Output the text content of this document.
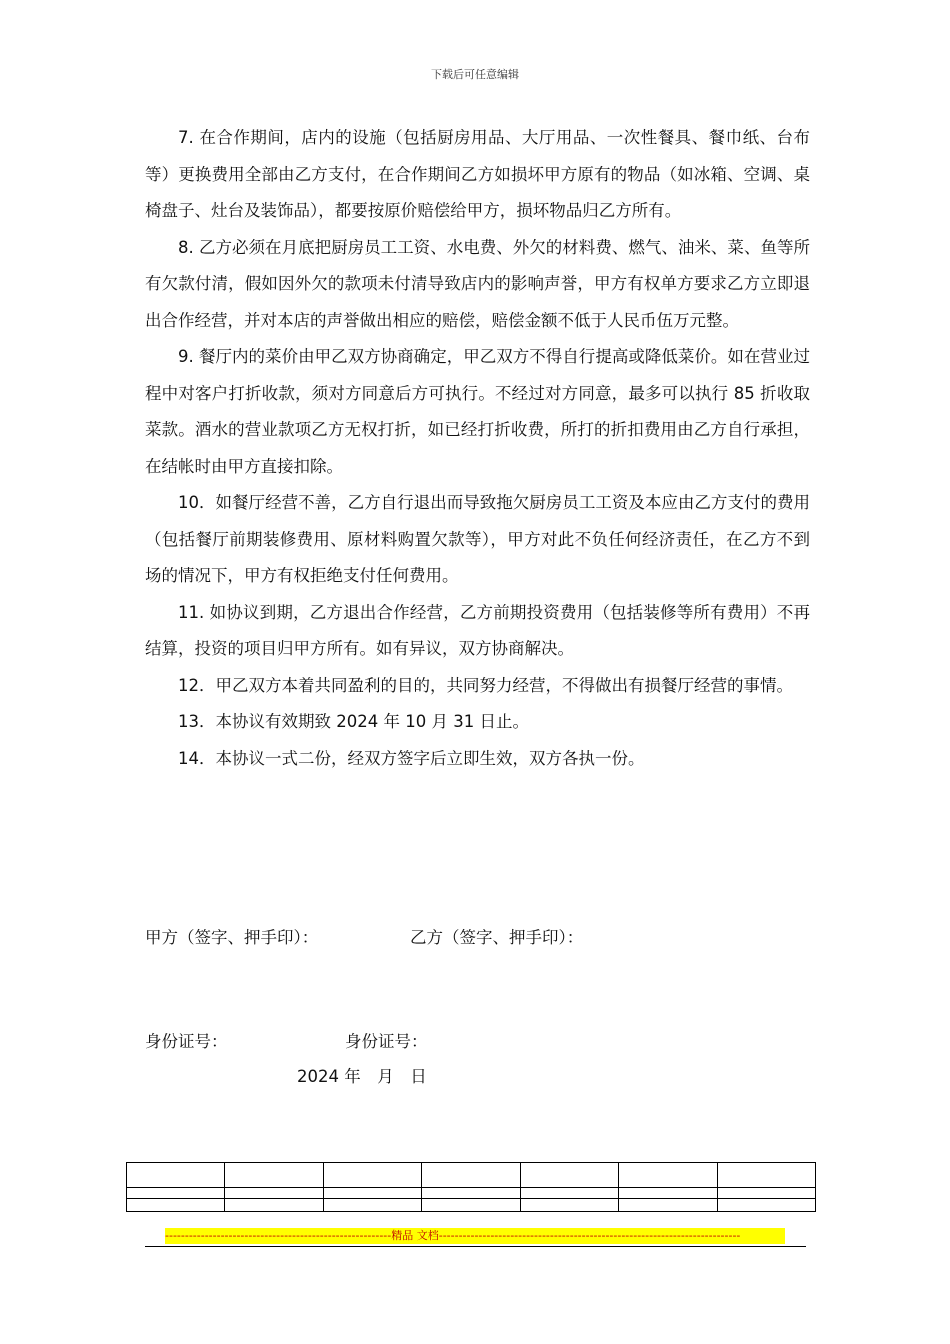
下载后可任意编辑

7. 在合作期间，店内的设施（包括厨房用品、大厅用品、一次性餐具、餐巾纸、台布等）更换费用全部由乙方支付，在合作期间乙方如损坏甲方原有的物品（如冰箱、空调、桌椅盘子、灶台及装饰品），都要按原价赔偿给甲方，损坏物品归乙方所有。

8. 乙方必须在月底把厨房员工工资、水电费、外欠的材料费、燃气、油米、菜、鱼等所有欠款付清，假如因外欠的款项未付清导致店内的影响声誉，甲方有权单方要求乙方立即退出合作经营，并对本店的声誉做出相应的赔偿，赔偿金额不低于人民币伍万元整。

9. 餐厅内的菜价由甲乙双方协商确定，甲乙双方不得自行提高或降低菜价。如在营业过程中对客户打折收款，须对方同意后方可执行。不经过对方同意，最多可以执行 85 折收取菜款。酒水的营业款项乙方无权打折，如已经打折收费，所打的折扣费用由乙方自行承担，在结帐时由甲方直接扣除。

10．如餐厅经营不善，乙方自行退出而导致拖欠厨房员工工资及本应由乙方支付的费用（包括餐厅前期装修费用、原材料购置欠款等），甲方对此不负任何经济责任，在乙方不到场的情况下，甲方有权拒绝支付任何费用。

11. 如协议到期，乙方退出合作经营，乙方前期投资费用（包括装修等所有费用）不再结算，投资的项目归甲方所有。如有异议，双方协商解决。

12．甲乙双方本着共同盈利的目的，共同努力经营，不得做出有损餐厅经营的事情。

13．本协议有效期致 2024 年 10 月 31 日止。

14．本协议一式二份，经双方签字后立即生效，双方各执一份。

甲方（签字、押手印）：	乙方（签字、押手印）：
身份证号：	身份证号：
2024 年　月　日

---------------------------------------------------------精品 文档----------------------------------------------------------------------------
